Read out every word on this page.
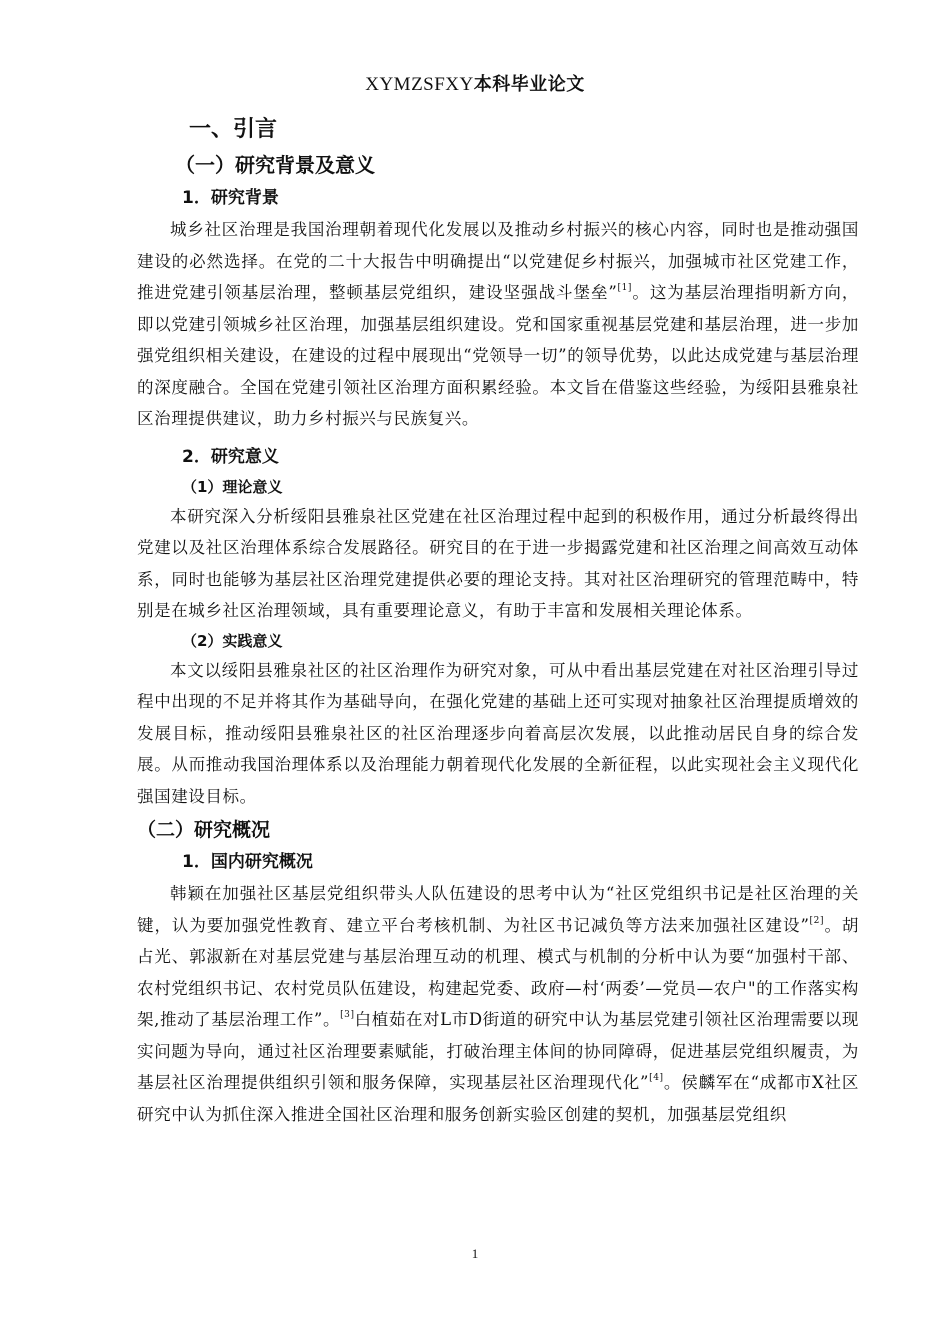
XYMZSFXY本科毕业论文
一、引言
（一）研究背景及意义
1．研究背景

城乡社区治理是我国治理朝着现代化发展以及推动乡村振兴的核心内容，同时也是推动强国建设的必然选择。在党的二十大报告中明确提出“以党建促乡村振兴，加强城市社区党建工作，推进党建引领基层治理，整顿基层党组织，建设坚强战斗堡垒”[1]。这为基层治理指明新方向，即以党建引领城乡社区治理，加强基层组织建设。党和国家重视基层党建和基层治理，进一步加强党组织相关建设，在建设的过程中展现出“党领导一切”的领导优势，以此达成党建与基层治理的深度融合。全国在党建引领社区治理方面积累经验。本文旨在借鉴这些经验，为绥阳县雅泉社区治理提供建议，助力乡村振兴与民族复兴。

2．研究意义
（1）理论意义

本研究深入分析绥阳县雅泉社区党建在社区治理过程中起到的积极作用，通过分析最终得出党建以及社区治理体系综合发展路径。研究目的在于进一步揭露党建和社区治理之间高效互动体系，同时也能够为基层社区治理党建提供必要的理论支持。其对社区治理研究的管理范畴中，特别是在城乡社区治理领域，具有重要理论意义，有助于丰富和发展相关理论体系。

（2）实践意义

本文以绥阳县雅泉社区的社区治理作为研究对象，可从中看出基层党建在对社区治理引导过程中出现的不足并将其作为基础导向，在强化党建的基础上还可实现对抽象社区治理提质增效的发展目标，推动绥阳县雅泉社区的社区治理逐步向着高层次发展，以此推动居民自身的综合发展。从而推动我国治理体系以及治理能力朝着现代化发展的全新征程，以此实现社会主义现代化强国建设目标。

（二）研究概况
1．国内研究概况

韩颖在加强社区基层党组织带头人队伍建设的思考中认为“社区党组织书记是社区治理的关键，认为要加强党性教育、建立平台考核机制、为社区书记减负等方法来加强社区建设”[2]。胡占光、郭淑新在对基层党建与基层治理互动的机理、模式与机制的分析中认为要“加强村干部、农村党组织书记、农村党员队伍建设，构建起党委、政府—村‘两委’—党员—农户"的工作落实构架,推动了基层治理工作”。[3]白植茹在对L市D街道的研究中认为基层党建引领社区治理需要以现实问题为导向，通过社区治理要素赋能，打破治理主体间的协同障碍，促进基层党组织履责，为基层社区治理提供组织引领和服务保障，实现基层社区治理现代化”[4]。侯麟军在“成都市X社区研究中认为抓住深入推进全国社区治理和服务创新实验区创建的契机，加强基层党组织

1
